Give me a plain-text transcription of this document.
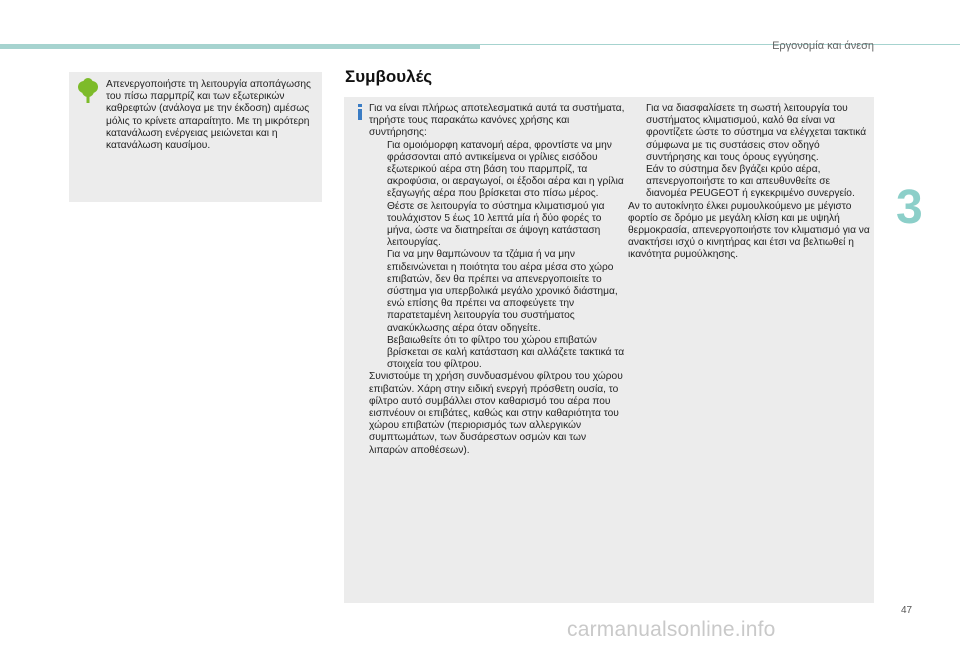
Εργονομία και άνεση
3
Απενεργοποιήστε τη λειτουργία αποπάγωσης του πίσω παρμπρίζ και των εξωτερικών καθρεφτών (ανάλογα με την έκδοση) αμέσως μόλις το κρίνετε απαραίτητο. Με τη μικρότερη κατανάλωση ενέργειας μειώνεται και η κατανάλωση καυσίμου.
Συμβουλές

Για να είναι πλήρως αποτελεσματικά αυτά τα συστήματα, τηρήστε τους παρακάτω κανόνες χρήσης και συντήρησης:

Για ομοιόμορφη κατανομή αέρα, φροντίστε να μην φράσσονται από αντικείμενα οι γρίλιες εισόδου εξωτερικού αέρα στη βάση του παρμπρίζ, τα ακροφύσια, οι αεραγωγοί, οι έξοδοι αέρα και η γρίλια εξαγωγής αέρα που βρίσκεται στο πίσω μέρος.
Θέστε σε λειτουργία το σύστημα κλιματισμού για τουλάχιστον 5 έως 10 λεπτά μία ή δύο φορές το μήνα, ώστε να διατηρείται σε άψογη κατάσταση λειτουργίας.
Για να μην θαμπώνουν τα τζάμια ή να μην επιδεινώνεται η ποιότητα του αέρα μέσα στο χώρο επιβατών, δεν θα πρέπει να απενεργοποιείτε το σύστημα για υπερβολικά μεγάλο χρονικό διάστημα, ενώ επίσης θα πρέπει να αποφεύγετε την παρατεταμένη λειτουργία του συστήματος ανακύκλωσης αέρα όταν οδηγείτε.
Βεβαιωθείτε ότι το φίλτρο του χώρου επιβατών βρίσκεται σε καλή κατάσταση και αλλάζετε τακτικά τα στοιχεία του φίλτρου.

Συνιστούμε τη χρήση συνδυασμένου φίλτρου του χώρου επιβατών. Χάρη στην ειδική ενεργή πρόσθετη ουσία, το φίλτρο αυτό συμβάλλει στον καθαρισμό του αέρα που εισπνέουν οι επιβάτες, καθώς και στην καθαριότητα του χώρου επιβατών (περιορισμός των αλλεργικών συμπτωμάτων, των δυσάρεστων οσμών και των λιπαρών αποθέσεων).

Για να διασφαλίσετε τη σωστή λειτουργία του συστήματος κλιματισμού, καλό θα είναι να φροντίζετε ώστε το σύστημα να ελέγχεται τακτικά σύμφωνα με τις συστάσεις στον οδηγό συντήρησης και τους όρους εγγύησης.
Εάν το σύστημα δεν βγάζει κρύο αέρα, απενεργοποιήστε το και απευθυνθείτε σε διανομέα PEUGEOT ή εγκεκριμένο συνεργείο.

Αν το αυτοκίνητο έλκει ρυμουλκούμενο με μέγιστο φορτίο σε δρόμο με μεγάλη κλίση και με υψηλή θερμοκρασία, απενεργοποιήστε τον κλιματισμό για να ανακτήσει ισχύ ο κινητήρας και έτσι να βελτιωθεί η ικανότητα ρυμούλκησης.

47
carmanualsonline.info
